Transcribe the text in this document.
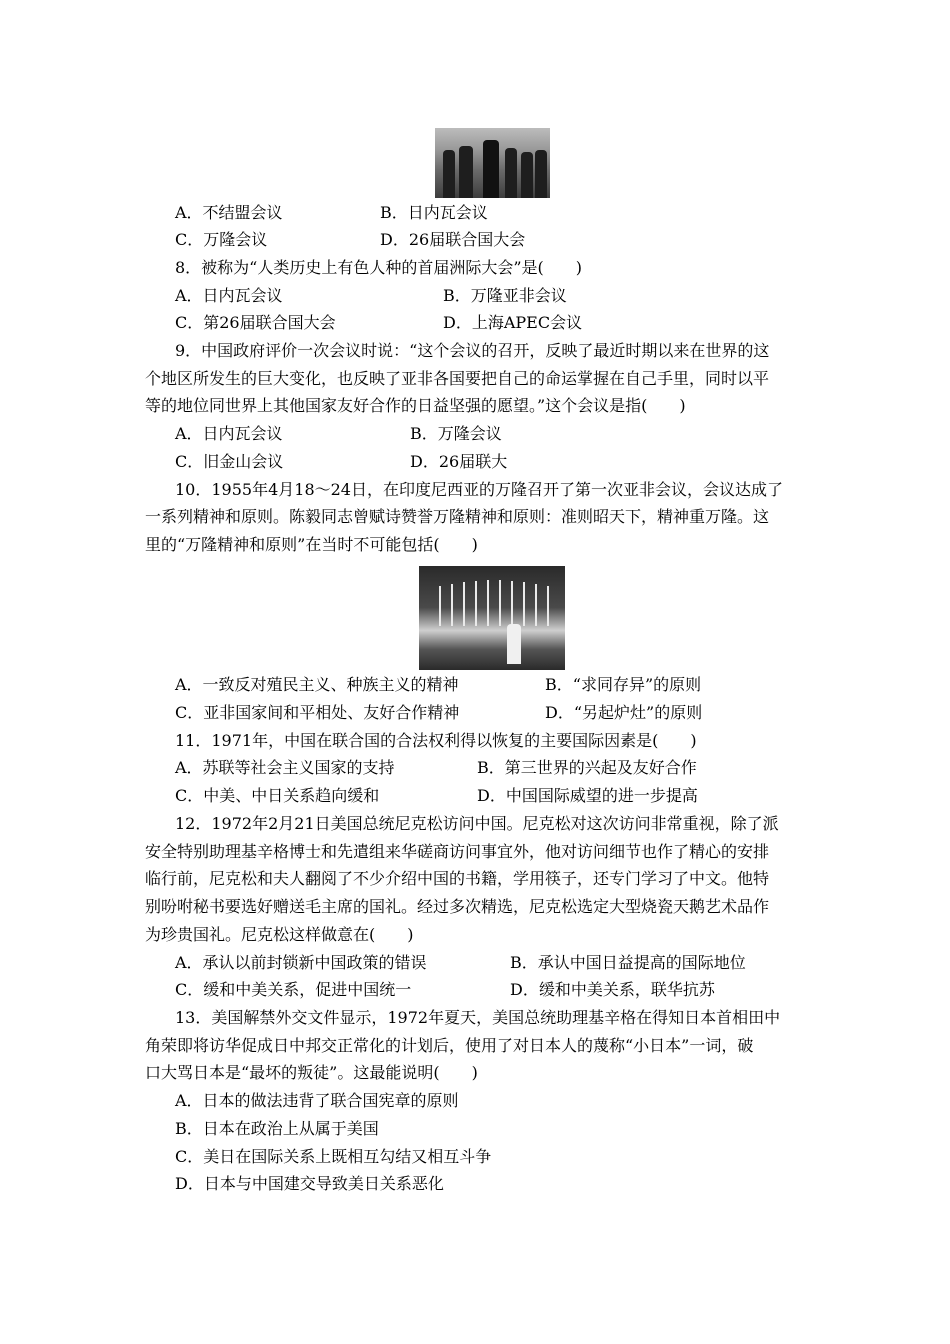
A．不结盟会议	B．日内瓦会议
C．万隆会议	D．26届联合国大会
8．被称为“人类历史上有色人种的首届洲际大会”是(　　)
A．日内瓦会议	B．万隆亚非会议
C．第26届联合国大会	D．上海APEC会议
9．中国政府评价一次会议时说：“这个会议的召开，反映了最近时期以来在世界的这
个地区所发生的巨大变化，也反映了亚非各国要把自己的命运掌握在自己手里，同时以平
等的地位同世界上其他国家友好合作的日益坚强的愿望。”这个会议是指(　　)
A．日内瓦会议	B．万隆会议
C．旧金山会议	D．26届联大
10．1955年4月18～24日，在印度尼西亚的万隆召开了第一次亚非会议，会议达成了
一系列精神和原则。陈毅同志曾赋诗赞誉万隆精神和原则：准则昭天下，精神重万隆。这
里的“万隆精神和原则”在当时不可能包括(　　)
A．一致反对殖民主义、种族主义的精神	B．“求同存异”的原则
C．亚非国家间和平相处、友好合作精神	D．“另起炉灶”的原则
11．1971年，中国在联合国的合法权利得以恢复的主要国际因素是(　　)
A．苏联等社会主义国家的支持	B．第三世界的兴起及友好合作
C．中美、中日关系趋向缓和	D．中国国际威望的进一步提高
12．1972年2月21日美国总统尼克松访问中国。尼克松对这次访问非常重视，除了派
安全特别助理基辛格博士和先遣组来华磋商访问事宜外，他对访问细节也作了精心的安排
临行前，尼克松和夫人翻阅了不少介绍中国的书籍，学用筷子，还专门学习了中文。他特
别吩咐秘书要选好赠送毛主席的国礼。经过多次精选，尼克松选定大型烧瓷天鹅艺术品作
为珍贵国礼。尼克松这样做意在(　　)
A．承认以前封锁新中国政策的错误	B．承认中国日益提高的国际地位
C．缓和中美关系，促进中国统一	D．缓和中美关系，联华抗苏
13．美国解禁外交文件显示，1972年夏天，美国总统助理基辛格在得知日本首相田中
角荣即将访华促成日中邦交正常化的计划后，使用了对日本人的蔑称“小日本”一词，破
口大骂日本是“最坏的叛徒”。这最能说明(　　)
A．日本的做法违背了联合国宪章的原则
B．日本在政治上从属于美国
C．美日在国际关系上既相互勾结又相互斗争
D．日本与中国建交导致美日关系恶化
